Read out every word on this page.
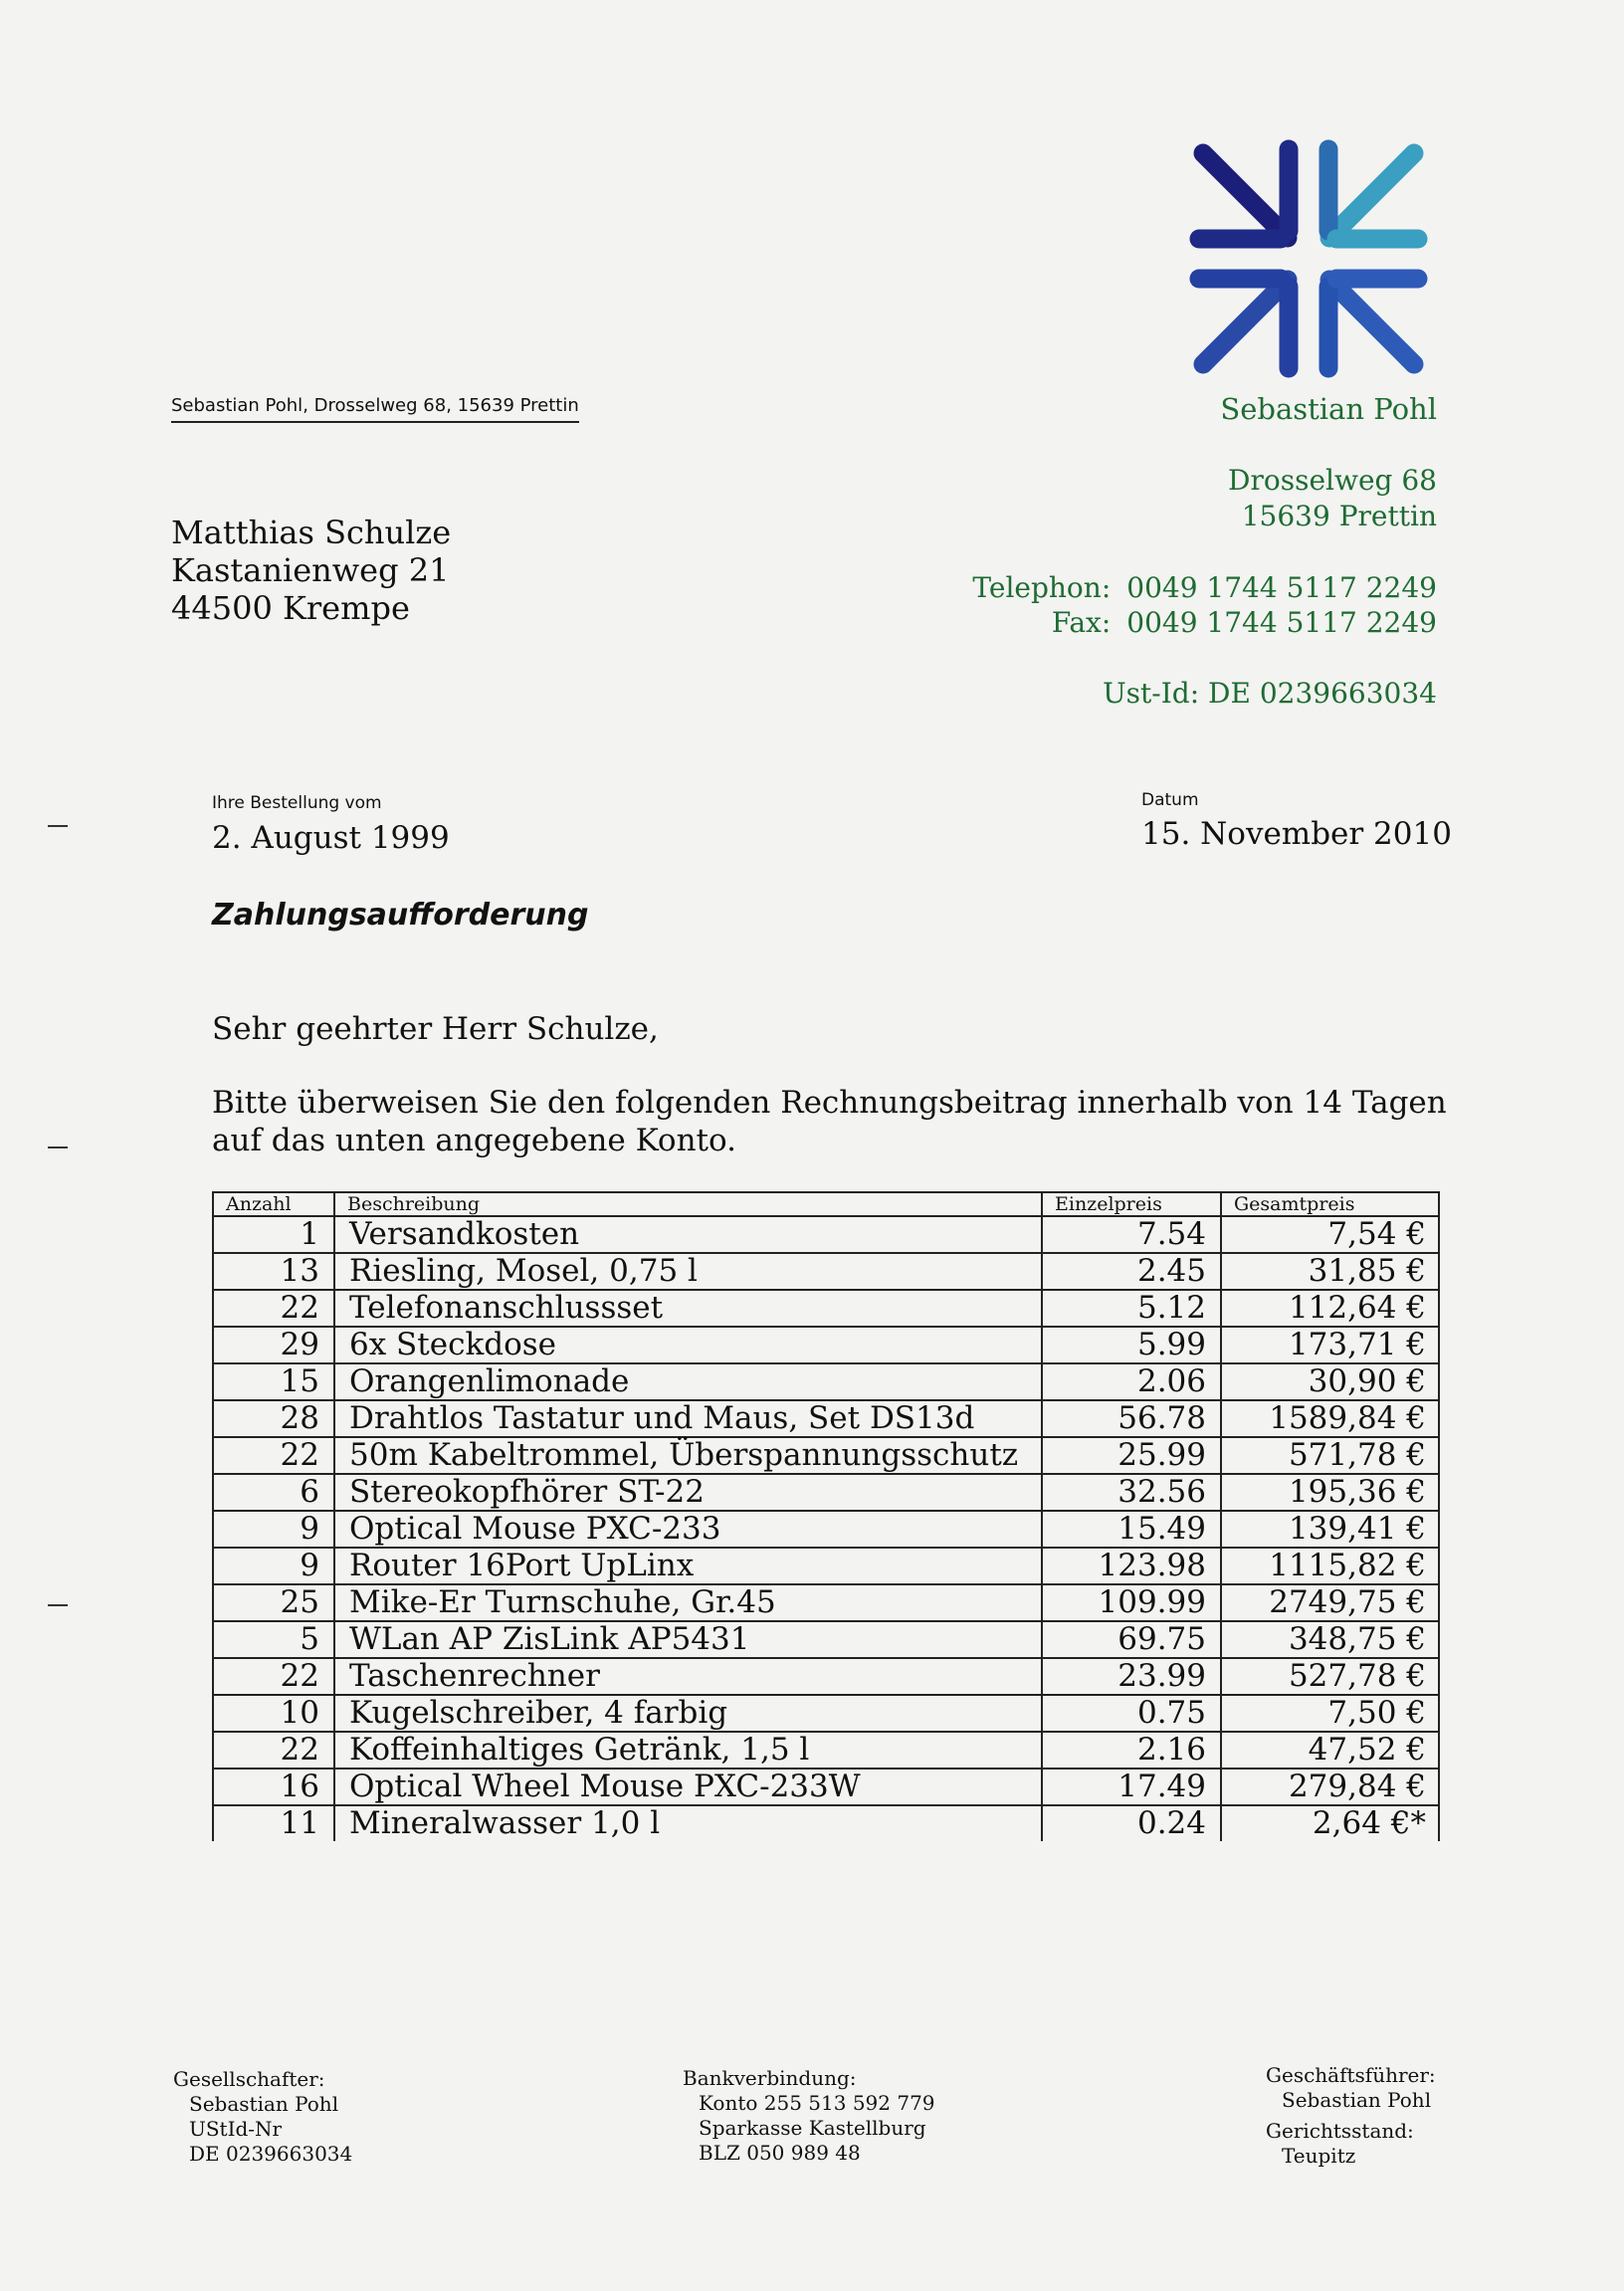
Sebastian Pohl, Drosselweg 68, 15639 Prettin
Matthias Schulze
Kastanienweg 21
44500 Krempe
Sebastian Pohl
Drosselweg 68
15639 Prettin
Telephon: 0049 1744 5117 2249
Fax: 0049 1744 5117 2249
Ust-Id: DE 0239663034
Ihre Bestellung vom
2. August 1999
Datum
15. November 2010
Zahlungsaufforderung
Sehr geehrter Herr Schulze,
Bitte überweisen Sie den folgenden Rechnungsbeitrag innerhalb von 14 Tagen
auf das unten angegebene Konto.
Anzahl	Beschreibung	Einzelpreis	Gesamtpreis
1	Versandkosten	7.54	7,54 €
13	Riesling, Mosel, 0,75 l	2.45	31,85 €
22	Telefonanschlussset	5.12	112,64 €
29	6x Steckdose	5.99	173,71 €
15	Orangenlimonade	2.06	30,90 €
28	Drahtlos Tastatur und Maus, Set DS13d	56.78	1589,84 €
22	50m Kabeltrommel, Überspannungsschutz	25.99	571,78 €
6	Stereokopfhörer ST-22	32.56	195,36 €
9	Optical Mouse PXC-233	15.49	139,41 €
9	Router 16Port UpLinx	123.98	1115,82 €
25	Mike-Er Turnschuhe, Gr.45	109.99	2749,75 €
5	WLan AP ZisLink AP5431	69.75	348,75 €
22	Taschenrechner	23.99	527,78 €
10	Kugelschreiber, 4 farbig	0.75	7,50 €
22	Koffeinhaltiges Getränk, 1,5 l	2.16	47,52 €
16	Optical Wheel Mouse PXC-233W	17.49	279,84 €
11	Mineralwasser 1,0 l	0.24	2,64 €*
Gesellschafter:
Sebastian Pohl
UStId-Nr
DE 0239663034
Bankverbindung:
Konto 255 513 592 779
Sparkasse Kastellburg
BLZ 050 989 48
Geschäftsführer:
Sebastian Pohl
Gerichtsstand:
Teupitz
